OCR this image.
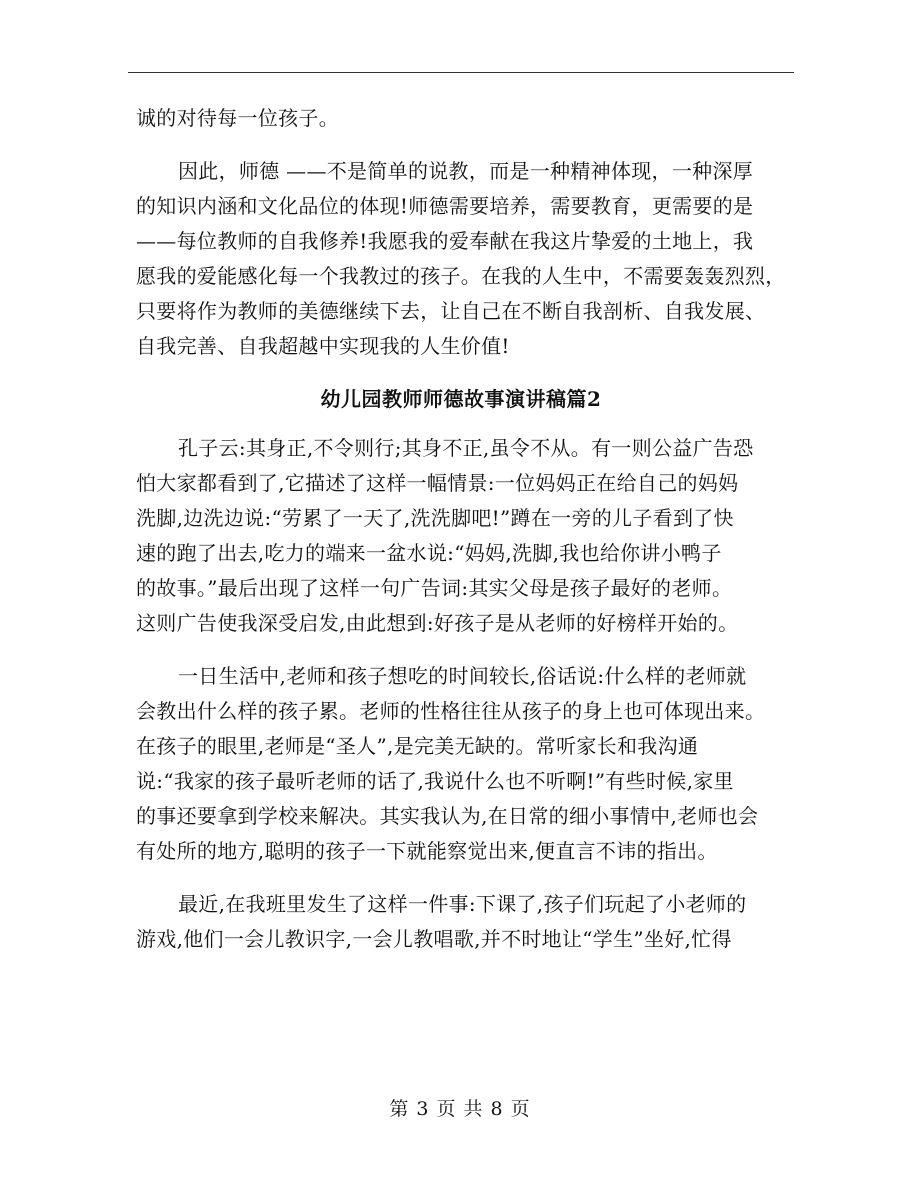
诚的对待每一位孩子。
因此，师德 ——不是简单的说教，而是一种精神体现，一种深厚
的知识内涵和文化品位的体现!师德需要培养，需要教育，更需要的是
——每位教师的自我修养!我愿我的爱奉献在我这片挚爱的土地上，我
愿我的爱能感化每一个我教过的孩子。在我的人生中，不需要轰轰烈烈，
只要将作为教师的美德继续下去，让自己在不断自我剖析、自我发展、
自我完善、自我超越中实现我的人生价值!
幼儿园教师师德故事演讲稿篇2
孔子云:其身正,不令则行;其身不正,虽令不从。有一则公益广告恐
怕大家都看到了,它描述了这样一幅情景:一位妈妈正在给自己的妈妈
洗脚,边洗边说:“劳累了一天了,洗洗脚吧!”蹲在一旁的儿子看到了快
速的跑了出去,吃力的端来一盆水说:“妈妈,洗脚,我也给你讲小鸭子
的故事。”最后出现了这样一句广告词:其实父母是孩子最好的老师。
这则广告使我深受启发,由此想到:好孩子是从老师的好榜样开始的。
一日生活中,老师和孩子想吃的时间较长,俗话说:什么样的老师就
会教出什么样的孩子累。老师的性格往往从孩子的身上也可体现出来。
在孩子的眼里,老师是“圣人”,是完美无缺的。常听家长和我沟通
说:“我家的孩子最听老师的话了,我说什么也不听啊!”有些时候,家里
的事还要拿到学校来解决。其实我认为,在日常的细小事情中,老师也会
有处所的地方,聪明的孩子一下就能察觉出来,便直言不讳的指出。
最近,在我班里发生了这样一件事:下课了,孩子们玩起了小老师的
游戏,他们一会儿教识字,一会儿教唱歌,并不时地让“学生”坐好,忙得
第 3 页 共 8 页
